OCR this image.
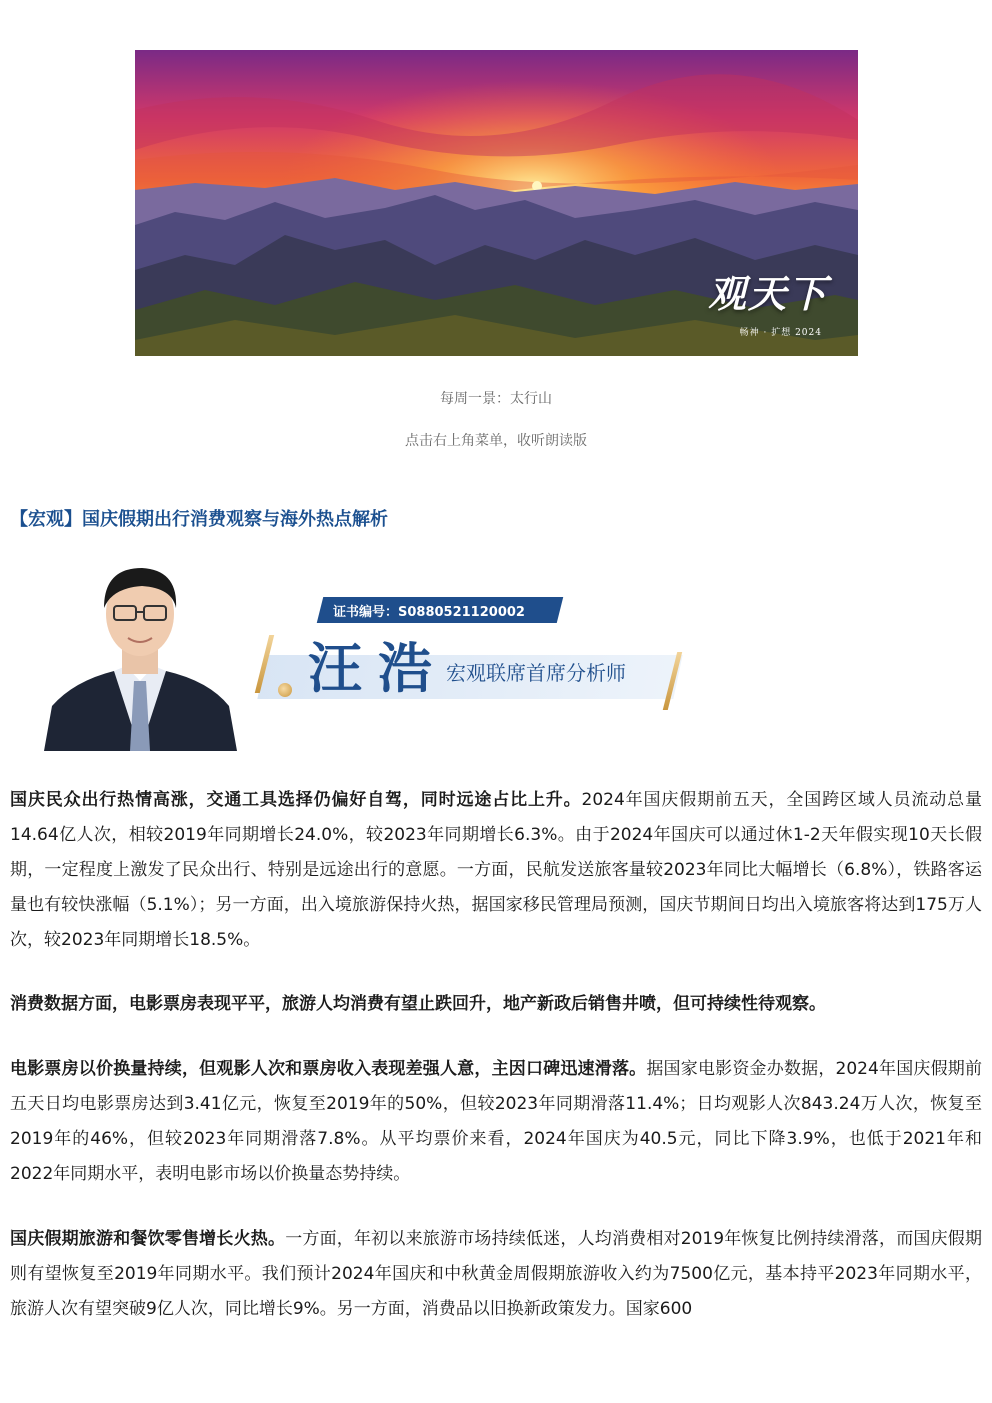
观天下
畅神 · 扩想 2024
每周一景：太行山
点击右上角菜单，收听朗读版
【宏观】国庆假期出行消费观察与海外热点解析
证书编号：S0880521120002
汪浩
宏观联席首席分析师

国庆民众出行热情高涨，交通工具选择仍偏好自驾，同时远途占比上升。2024年国庆假期前五天，全国跨区域人员流动总量14.64亿人次，相较2019年同期增长24.0%，较2023年同期增长6.3%。由于2024年国庆可以通过休1-2天年假实现10天长假期，一定程度上激发了民众出行、特别是远途出行的意愿。一方面，民航发送旅客量较2023年同比大幅增长（6.8%），铁路客运量也有较快涨幅（5.1%）；另一方面，出入境旅游保持火热，据国家移民管理局预测，国庆节期间日均出入境旅客将达到175万人次，较2023年同期增长18.5%。

消费数据方面，电影票房表现平平，旅游人均消费有望止跌回升，地产新政后销售井喷，但可持续性待观察。

电影票房以价换量持续，但观影人次和票房收入表现差强人意，主因口碑迅速滑落。据国家电影资金办数据，2024年国庆假期前五天日均电影票房达到3.41亿元，恢复至2019年的50%，但较2023年同期滑落11.4%；日均观影人次843.24万人次，恢复至2019年的46%，但较2023年同期滑落7.8%。从平均票价来看，2024年国庆为40.5元，同比下降3.9%，也低于2021年和2022年同期水平，表明电影市场以价换量态势持续。

国庆假期旅游和餐饮零售增长火热。一方面，年初以来旅游市场持续低迷，人均消费相对2019年恢复比例持续滑落，而国庆假期则有望恢复至2019年同期水平。我们预计2024年国庆和中秋黄金周假期旅游收入约为7500亿元，基本持平2023年同期水平，旅游人次有望突破9亿人次，同比增长9%。另一方面，消费品以旧换新政策发力。国家600
